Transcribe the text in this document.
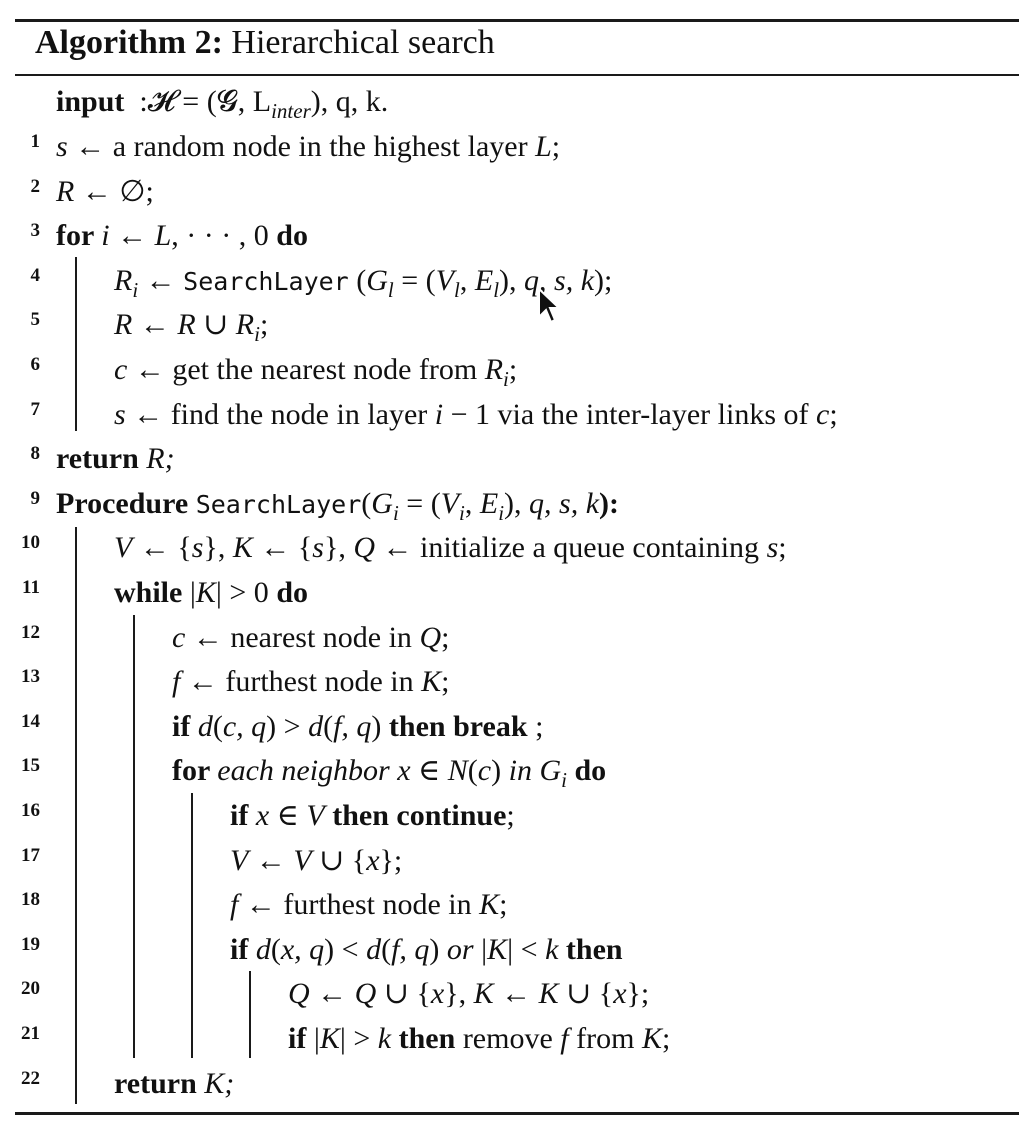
Algorithm 2: Hierarchical search
input :𝓗 = (𝓖, $L_{inter}$), q, k.
1 s ← a random node in the highest layer L;
2 R ← ∅;
3 for i ← L, · · · , 0 do
4 $R_i$ ← SearchLayer ($G_l = (V_l$, $E_l$), q, s, k);
5 R ← R ∪ $R_i$;
6 c ← get the nearest node from $R_i$;
7 s ← find the node in layer i − 1 via the inter-layer links of c;
8 return R;
9 Procedure $SearchLayer(G_i = (V_i$, $E_i$), q, s, k):
10 V ← {s}, K ← {s}, Q ← initialize a queue containing s;
11 while |K| > 0 do
12	c ← nearest node in Q;
13	f ← furthest node in K;
14	if d(c, q) > d(f, q) then break ;
15	for each neighbor x ∈ N(c) in $G_i$ do
16	if x ∈ V then continue;
17	V ← V ∪ {x};
18	f ← furthest node in K;
19	if d(x, q) < d(f, q) or |K| < k then
20	Q ← Q ∪ {x}, K ← K ∪ {x};
21	if |K| > k then remove f from K;
22 return K;
